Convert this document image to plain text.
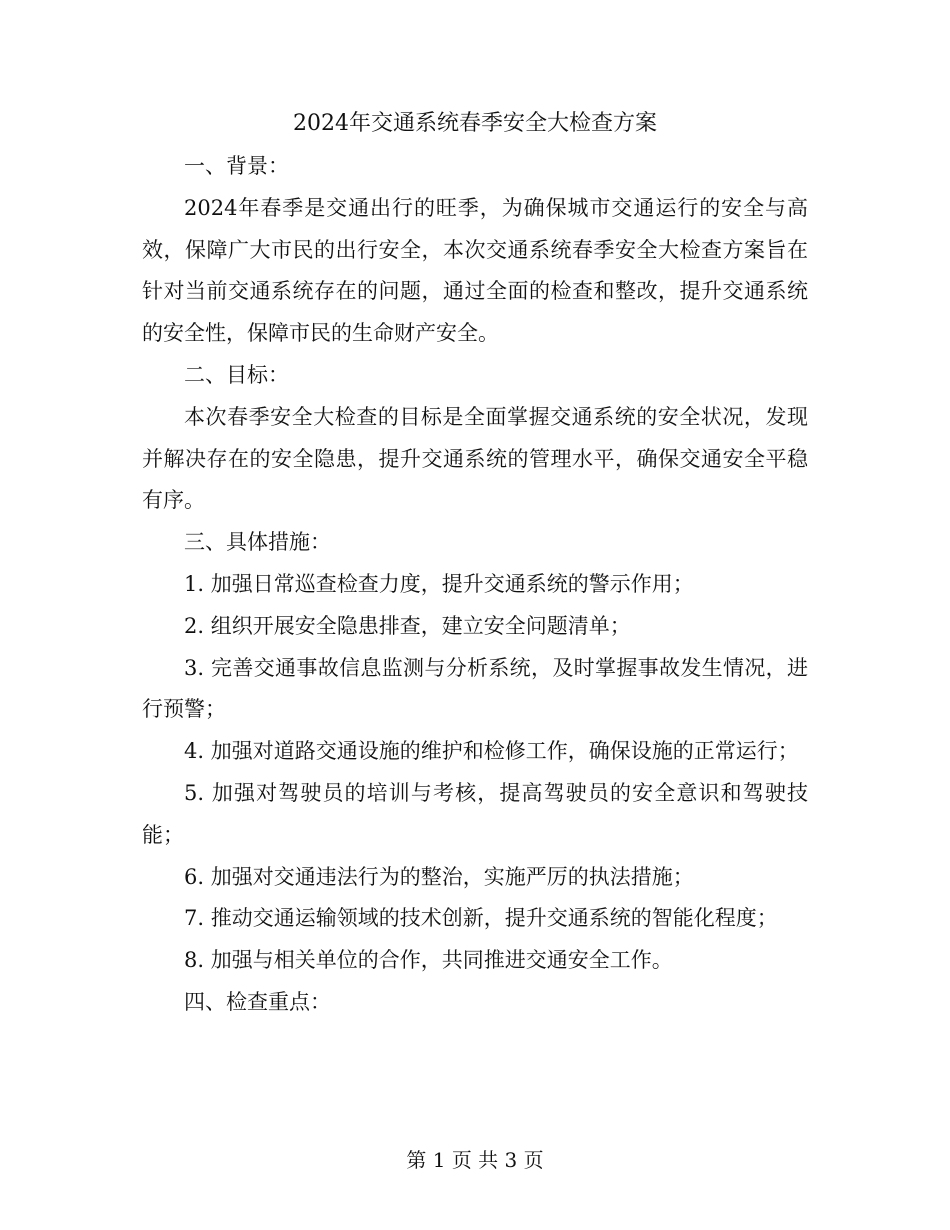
2024年交通系统春季安全大检查方案

一、背景：

2024年春季是交通出行的旺季，为确保城市交通运行的安全与高效，保障广大市民的出行安全，本次交通系统春季安全大检查方案旨在针对当前交通系统存在的问题，通过全面的检查和整改，提升交通系统的安全性，保障市民的生命财产安全。

二、目标：

本次春季安全大检查的目标是全面掌握交通系统的安全状况，发现并解决存在的安全隐患，提升交通系统的管理水平，确保交通安全平稳有序。

三、具体措施：

1. 加强日常巡查检查力度，提升交通系统的警示作用；

2. 组织开展安全隐患排查，建立安全问题清单；

3. 完善交通事故信息监测与分析系统，及时掌握事故发生情况，进行预警；

4. 加强对道路交通设施的维护和检修工作，确保设施的正常运行；

5. 加强对驾驶员的培训与考核，提高驾驶员的安全意识和驾驶技能；

6. 加强对交通违法行为的整治，实施严厉的执法措施；

7. 推动交通运输领域的技术创新，提升交通系统的智能化程度；

8. 加强与相关单位的合作，共同推进交通安全工作。

四、检查重点：

第 1 页 共 3 页
